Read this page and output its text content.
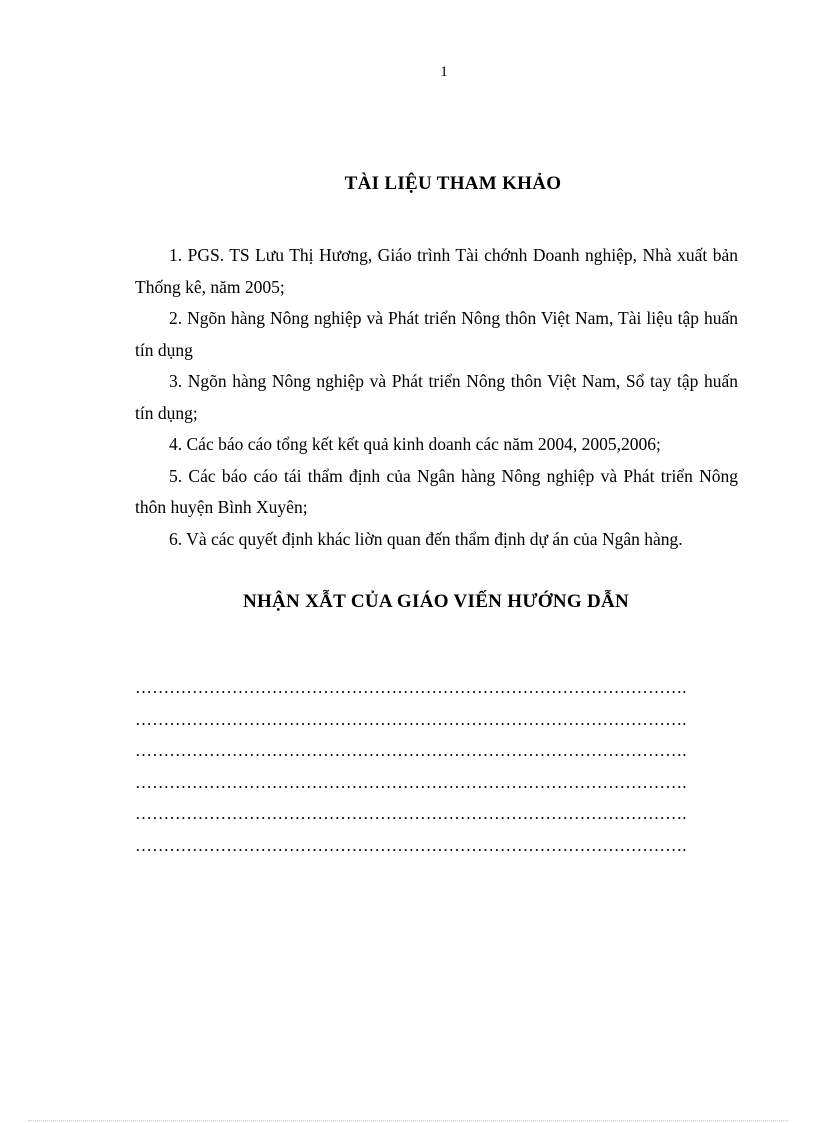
1
TÀI LIỆU THAM KHẢO
1. PGS. TS Lưu Thị Hương, Giáo trình Tài chớnh Doanh nghiệp, Nhà xuất bản Thống kê, năm 2005;
2. Ngõn hàng Nông nghiệp và Phát triển Nông thôn Việt Nam, Tài liệu tập huấn tín dụng
3. Ngõn hàng Nông nghiệp và Phát triển Nông thôn Việt Nam, Sổ tay tập huấn tín dụng;
4. Các báo cáo tổng kết kết quả kinh doanh các năm 2004, 2005,2006;
5. Các báo cáo tái thẩm định của Ngân hàng Nông nghiệp và Phát triển Nông thôn huyện Bình Xuyên;
6. Và các quyết định khác liờn quan đến thẩm định dự án của Ngân hàng.
NHẬN XẪT CỦA GIÁO VIẾN HƯỚNG DẪN
…………………………………………………………………………………….
…………………………………………………………………………………….
…………………………………………………………………………………….
…………………………………………………………………………………….
…………………………………………………………………………………….
…………………………………………………………………………………….
